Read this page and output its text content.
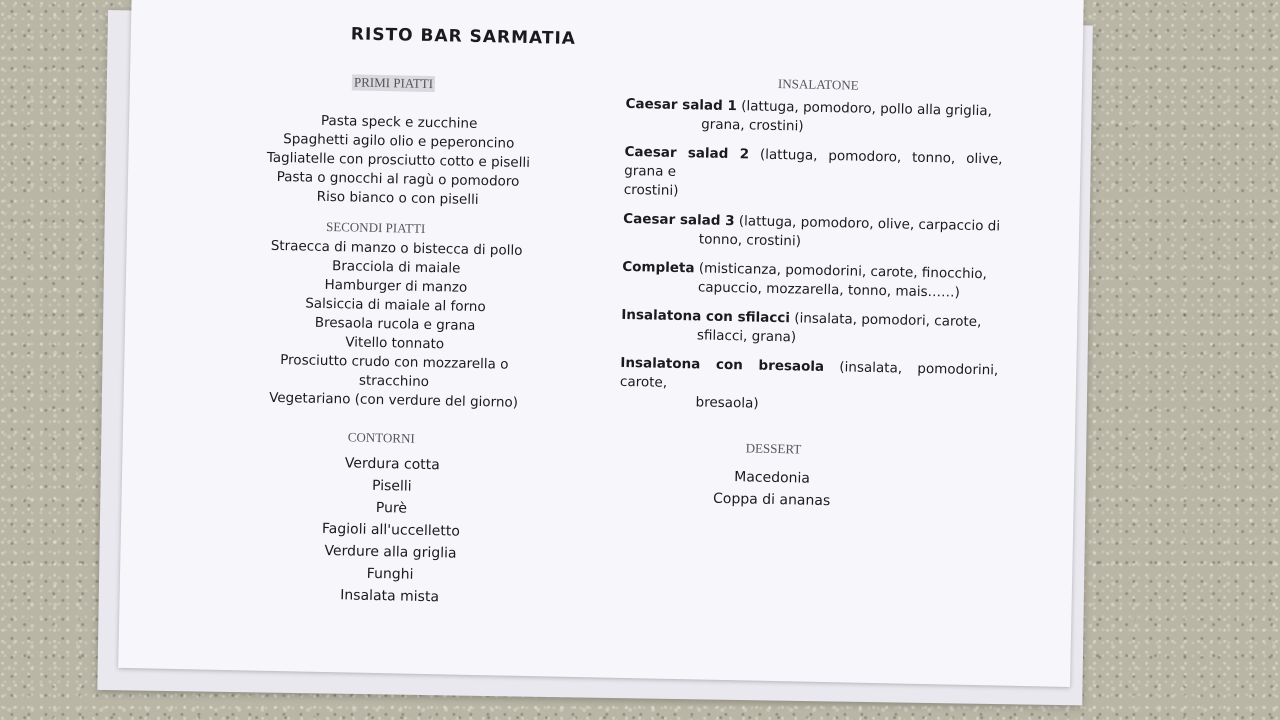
RISTO BAR SARMATIA
PRIMI PIATTI
Pasta speck e zucchine
Spaghetti agilo olio e peperoncino
Tagliatelle con prosciutto cotto e piselli
Pasta o gnocchi al ragù o pomodoro
Riso bianco o con piselli
SECONDI PIATTI
Straecca di manzo o bistecca di pollo
Bracciola di maiale
Hamburger di manzo
Salsiccia di maiale al forno
Bresaola rucola e grana
Vitello tonnato
Prosciutto crudo con mozzarella o
stracchino
Vegetariano (con verdure del giorno)
CONTORNI
Verdura cotta
Piselli
Purè
Fagioli all'uccelletto
Verdure alla griglia
Funghi
Insalata mista
INSALATONE
Caesar salad 1 (lattuga, pomodoro, pollo alla griglia,
grana, crostini)
Caesar salad 2 (lattuga, pomodoro, tonno, olive, grana e
crostini)
Caesar salad 3 (lattuga, pomodoro, olive, carpaccio di
tonno, crostini)
Completa (misticanza, pomodorini, carote, finocchio,
capuccio, mozzarella, tonno, mais……)
Insalatona con sfilacci (insalata, pomodori, carote,
sfilacci, grana)
Insalatona con bresaola (insalata, pomodorini, carote,
bresaola)
DESSERT
Macedonia
Coppa di ananas
